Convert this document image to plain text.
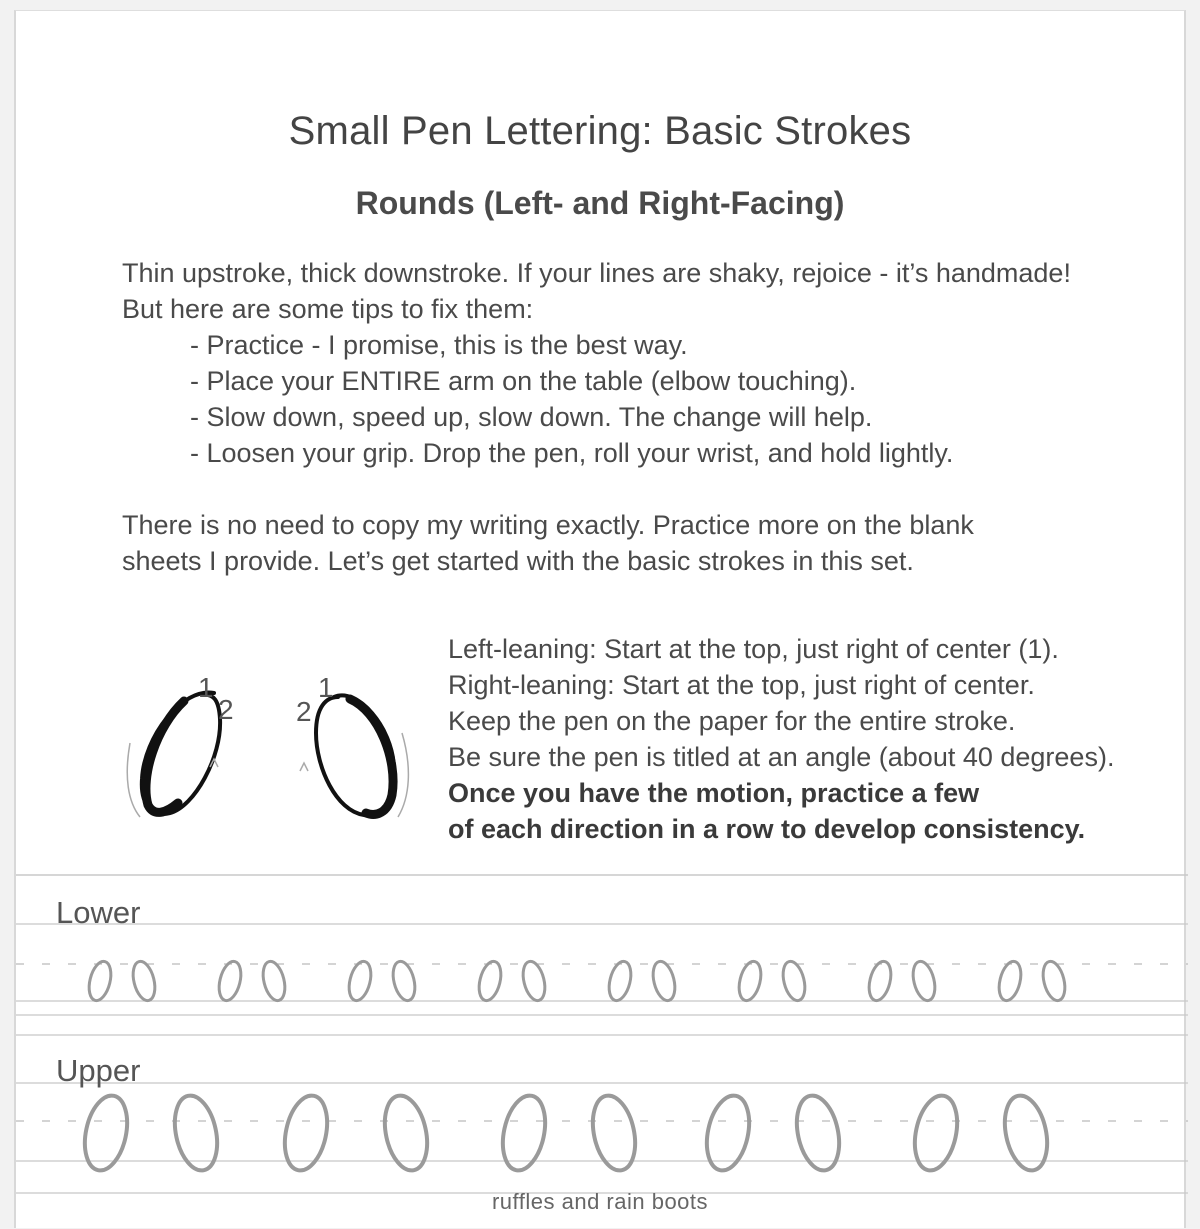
Small Pen Lettering: Basic Strokes
Rounds (Left- and Right-Facing)
Thin upstroke, thick downstroke. If your lines are shaky, rejoice - it’s handmade!
But here are some tips to fix them:
- Practice - I promise, this is the best way.
- Place your ENTIRE arm on the table (elbow touching).
- Slow down, speed up, slow down. The change will help.
- Loosen your grip. Drop the pen, roll your wrist, and hold lightly.
There is no need to copy my writing exactly. Practice more on the blank
sheets I provide. Let’s get started with the basic strokes in this set.
1
2 2
1
Left-leaning: Start at the top, just right of center (1).
Right-leaning: Start at the top, just right of center.
Keep the pen on the paper for the entire stroke.
Be sure the pen is titled at an angle (about 40 degrees).
Once you have the motion, practice a few
of each direction in a row to develop consistency.
Lower
Upper
ruffles and rain boots
